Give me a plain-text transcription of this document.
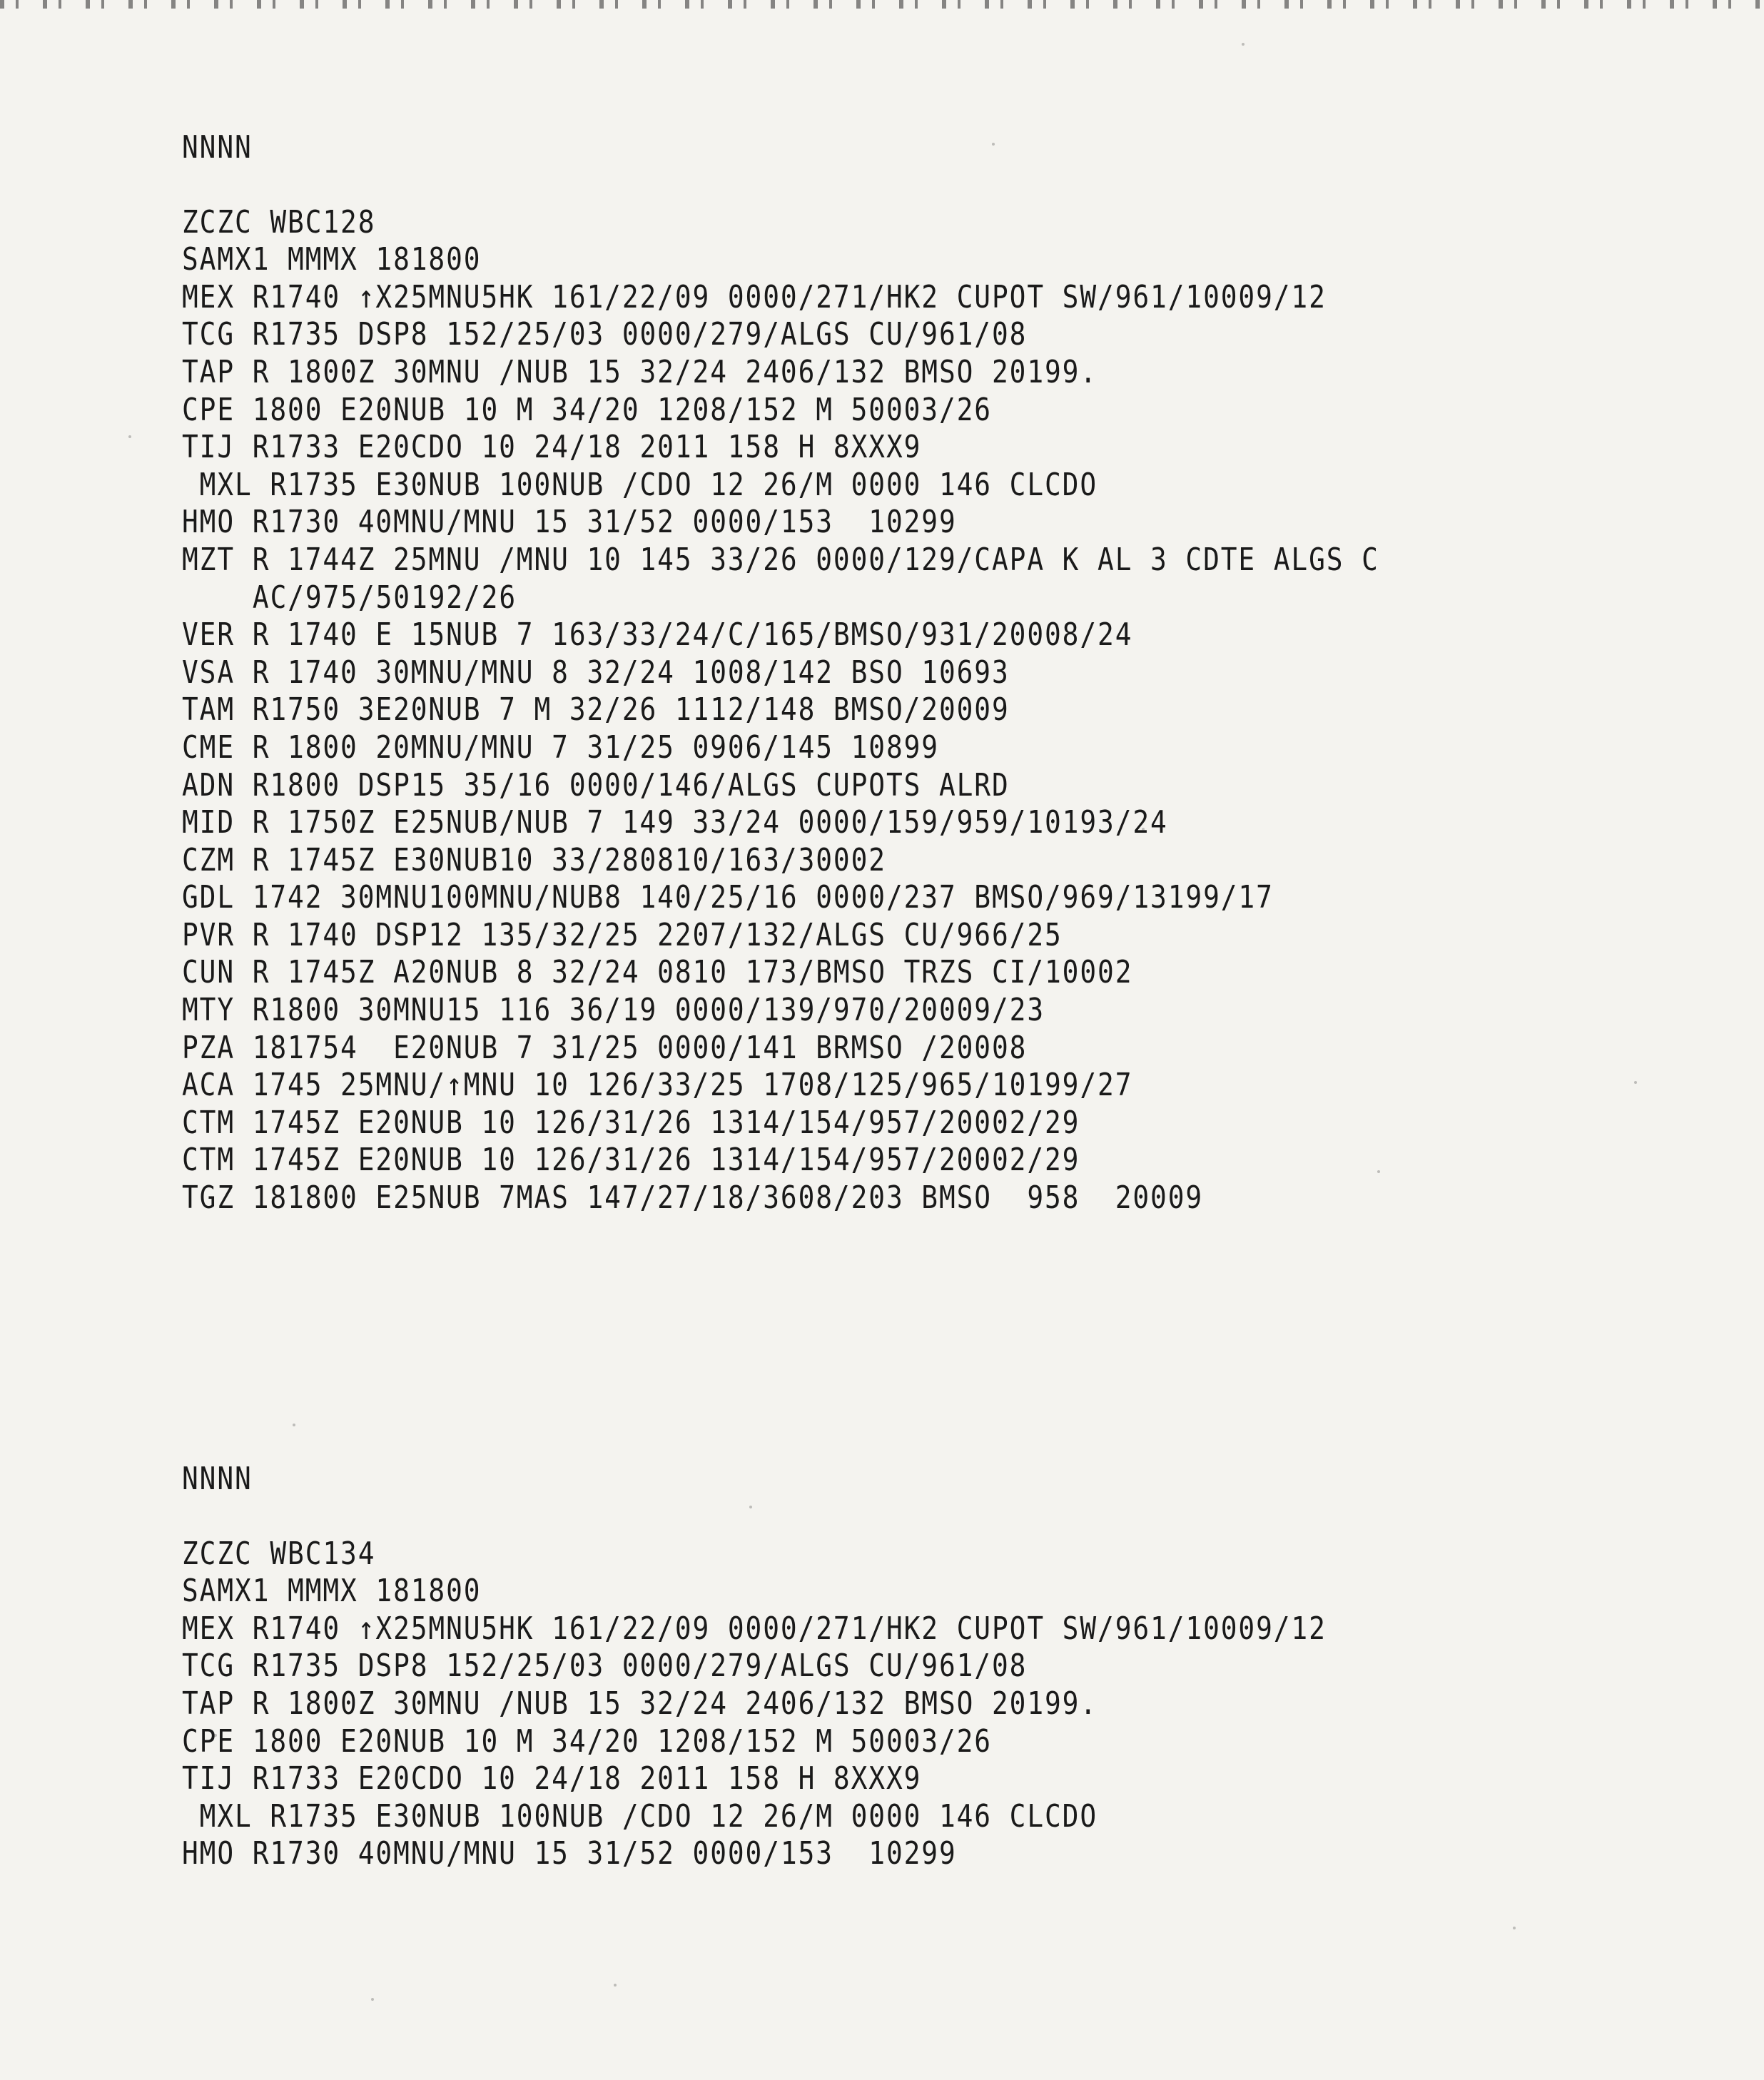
NNNN
ZCZC WBC128
SAMX1 MMMX 181800
MEX R1740 ↑X25MNU5HK 161/22/09 0000/271/HK2 CUPOT SW/961/10009/12
TCG R1735 DSP8 152/25/03 0000/279/ALGS CU/961/08
TAP R 1800Z 30MNU /NUB 15 32/24 2406/132 BMSO 20199.
CPE 1800 E20NUB 10 M 34/20 1208/152 M 50003/26
TIJ R1733 E20CDO 10 24/18 2011 158 H 8XXX9
MXL R1735 E30NUB 100NUB /CDO 12 26/M 0000 146 CLCDO
HMO R1730 40MNU/MNU 15 31/52 0000/153  10299
MZT R 1744Z 25MNU /MNU 10 145 33/26 0000/129/CAPA K AL 3 CDTE ALGS C
AC/975/50192/26
VER R 1740 E 15NUB 7 163/33/24/C/165/BMSO/931/20008/24
VSA R 1740 30MNU/MNU 8 32/24 1008/142 BSO 10693
TAM R1750 3E20NUB 7 M 32/26 1112/148 BMSO/20009
CME R 1800 20MNU/MNU 7 31/25 0906/145 10899
ADN R1800 DSP15 35/16 0000/146/ALGS CUPOTS ALRD
MID R 1750Z E25NUB/NUB 7 149 33/24 0000/159/959/10193/24
CZM R 1745Z E30NUB10 33/280810/163/30002
GDL 1742 30MNU100MNU/NUB8 140/25/16 0000/237 BMSO/969/13199/17
PVR R 1740 DSP12 135/32/25 2207/132/ALGS CU/966/25
CUN R 1745Z A20NUB 8 32/24 0810 173/BMSO TRZS CI/10002
MTY R1800 30MNU15 116 36/19 0000/139/970/20009/23
PZA 181754  E20NUB 7 31/25 0000/141 BRMSO /20008
ACA 1745 25MNU/↑MNU 10 126/33/25 1708/125/965/10199/27
CTM 1745Z E20NUB 10 126/31/26 1314/154/957/20002/29
CTM 1745Z E20NUB 10 126/31/26 1314/154/957/20002/29
TGZ 181800 E25NUB 7MAS 147/27/18/3608/203 BMSO  958  20009
NNNN
ZCZC WBC134
SAMX1 MMMX 181800
MEX R1740 ↑X25MNU5HK 161/22/09 0000/271/HK2 CUPOT SW/961/10009/12
TCG R1735 DSP8 152/25/03 0000/279/ALGS CU/961/08
TAP R 1800Z 30MNU /NUB 15 32/24 2406/132 BMSO 20199.
CPE 1800 E20NUB 10 M 34/20 1208/152 M 50003/26
TIJ R1733 E20CDO 10 24/18 2011 158 H 8XXX9
MXL R1735 E30NUB 100NUB /CDO 12 26/M 0000 146 CLCDO
HMO R1730 40MNU/MNU 15 31/52 0000/153  10299
